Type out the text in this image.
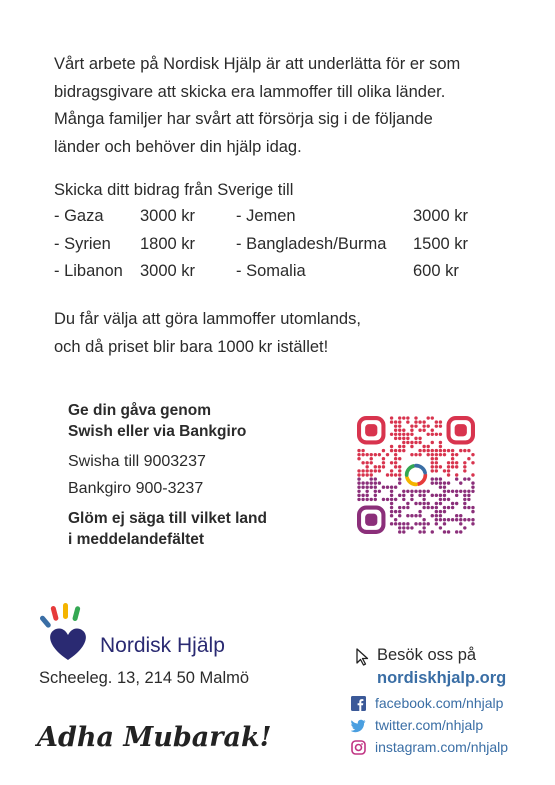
Vårt arbete på Nordisk Hjälp är att underlätta för er som
bidragsgivare att skicka era lammoffer till olika länder.
Många familjer har svårt att försörja sig i de följande
länder och behöver din hjälp idag.
Skicka ditt bidrag från Sverige till
- Gaza 3000 kr - Jemen	3000 kr
- Syrien 1800 kr - Bangladesh/Burma 1500 kr
- Libanon 3000 kr - Somalia	600 kr
Du får välja att göra lammoffer utomlands,
och då priset blir bara 1000 kr istället!
Ge din gåva genom
Swish eller via Bankgiro
Swisha till 9003237
Bankgiro 900-3237
Glöm ej säga till vilket land
i meddelandefältet
Nordisk Hjälp
Scheeleg. 13, 214 50 Malmö
Adha Mubarak!
Besök oss på
nordiskhjalp.org
facebook.com/nhjalp
twitter.com/nhjalp
instagram.com/nhjalp
